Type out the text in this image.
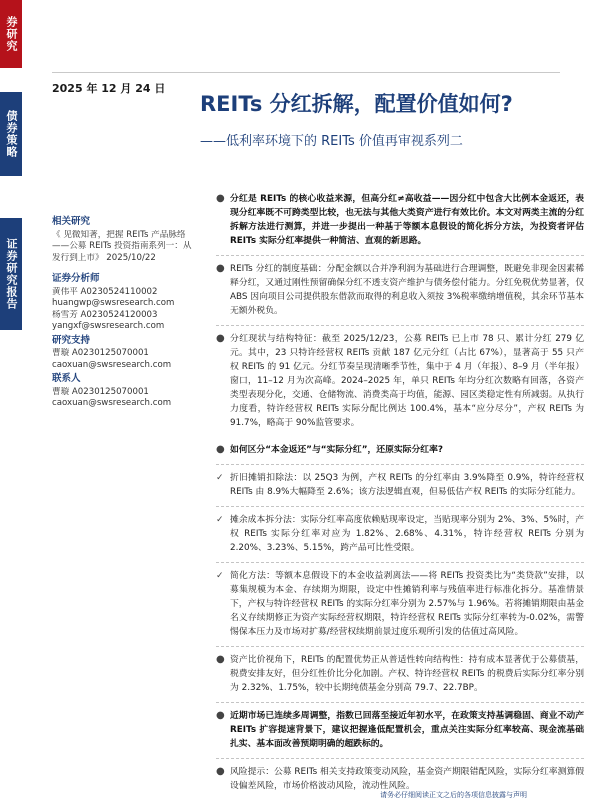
券研究
债券策略
证券研究报告
2025 年 12 月 24 日
REITs 分红拆解，配置价值如何?
——低利率环境下的 REITs 价值再审视系列二
相关研究
《 见微知著，把握 REITs 产品脉络
——公募 REITs 投资指南系列一：从
发行到上市》 2025/10/22
证券分析师
黄伟平 A0230524110002
huangwp@swsresearch.com
杨雪芳 A0230524120003
yangxf@swsresearch.com
研究支持
曹璇 A0230125070001
caoxuan@swsresearch.com
联系人
曹璇 A0230125070001
caoxuan@swsresearch.com
● 分红是 REITs 的核心收益来源，但高分红≠高收益——因分红中包含大比例本金返还，表现分红率既不可跨类型比较，也无法与其他大类资产进行有效比价。本文对两类主流的分红拆解方法进行测算，并进一步提出一种基于等额本息假设的简化拆分方法，为投资者评估 REITs 实际分红率提供一种简洁、直观的新思路。
● REITs 分红的制度基础：分配金额以合并净利润为基础进行合理调整，既避免非现金因素稀释分红，又通过刚性预留确保分红不透支资产维护与债务偿付能力。分红免税优势显著，仅 ABS 因向项目公司提供股东借款而取得的利息收入须按 3%税率缴纳增值税，其余环节基本无额外税负。
● 分红现状与结构特征：截至 2025/12/23，公募 REITs 已上市 78 只、累计分红 279 亿元。其中，23 只特许经营权 REITs 贡献 187 亿元分红（占比 67%），显著高于 55 只产权 REITs 的 91 亿元。分红节奏呈现清晰季节性，集中于 4 月（年报）、8–9 月（半年报）窗口，11–12 月为次高峰。2024–2025 年，单只 REITs 年均分红次数略有回落，各资产类型表现分化，交通、仓储物流、消费类高于均值，能源、园区类稳定性有所减弱。从执行力度看，特许经营权 REITs 实际分配比例达 100.4%，基本“应分尽分”，产权 REITs 为 91.7%，略高于 90%监管要求。
● 如何区分“本金返还”与“实际分红”，还原实际分红率?
✓ 折旧摊销扣除法：以 25Q3 为例，产权 REITs 的分红率由 3.9%降至 0.9%，特许经营权 REITs 由 8.9%大幅降至 2.6%；该方法逻辑直观，但易低估产权 REITs 的实际分红能力。
✓ 摊余成本拆分法：实际分红率高度依赖贴现率设定，当贴现率分别为 2%、3%、5%时，产权 REITs 实际分红率对应为 1.82%、2.68%、4.31%，特许经营权 REITs 分别为 2.20%、3.23%、5.15%，跨产品可比性受限。
✓ 简化方法：等额本息假设下的本金收益剥离法——将 REITs 投资类比为“类贷款”安排，以募集规模为本金、存续期为期限，设定中性摊销利率与残值率进行标准化拆分。基准情景下，产权与特许经营权 REITs 的实际分红率分别为 2.57%与 1.96%。若将摊销期限由基金名义存续期修正为资产实际经营权期限，特许经营权 REITs 实际分红率转为-0.02%，需警惕保本压力及市场对扩募/经营权续期前景过度乐观所引发的估值过高风险。
● 资产比价视角下，REITs 的配置优势正从普适性转向结构性：持有成本显著优于公募债基，税费安排友好，但分红性价比分化加剧。产权、特许经营权 REITs 的税费后实际分红率分别为 2.32%、1.75%，较中长期纯债基金分别高 79.7、22.7BP。
● 近期市场已连续多周调整，指数已回落至接近年初水平，在政策支持基调稳固、商业不动产 REITs 扩容提速背景下，建议把握逢低配置机会，重点关注实际分红率较高、现金流基础扎实、基本面改善预期明确的超跌标的。
● 风险提示：公募 REITs 相关支持政策变动风险，基金资产期限错配风险，实际分红率测算假设偏差风险，市场价格波动风险，流动性风险。
请务必仔细阅读正文之后的各项信息披露与声明
